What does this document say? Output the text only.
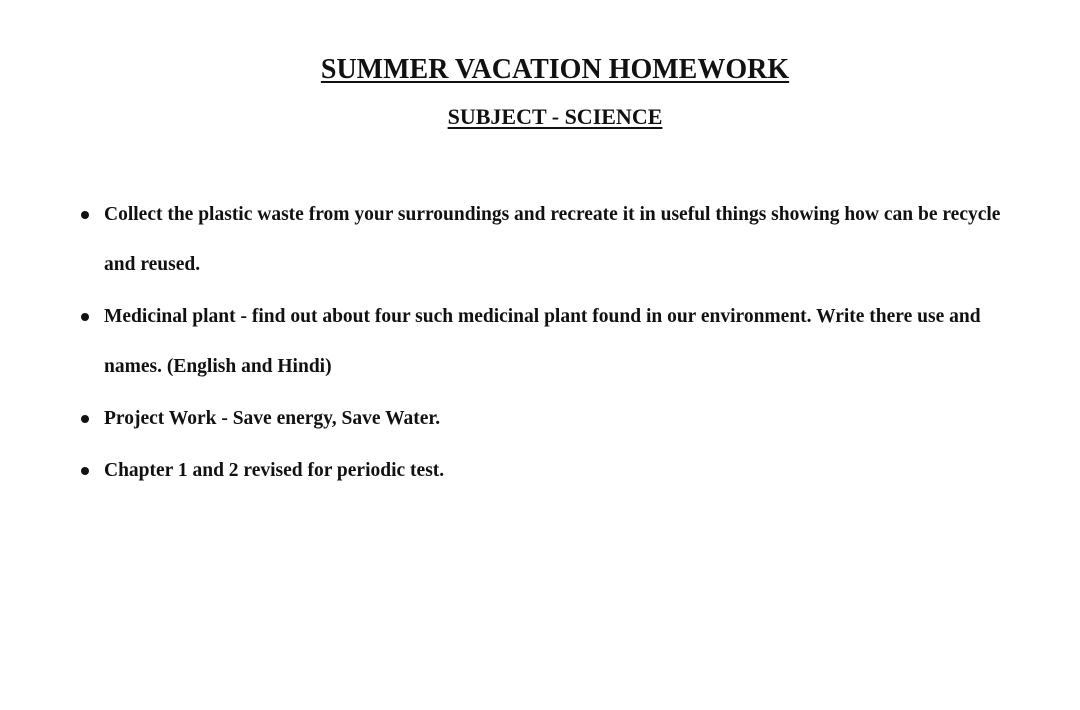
SUMMER VACATION HOMEWORK
SUBJECT - SCIENCE
Collect the plastic waste from your surroundings and recreate it in useful things showing how can be recycle and reused.
Medicinal plant - find out about four such medicinal plant found in our environment. Write there use and names. (English and Hindi)
Project Work - Save energy, Save Water.
Chapter 1 and 2 revised for periodic test.
